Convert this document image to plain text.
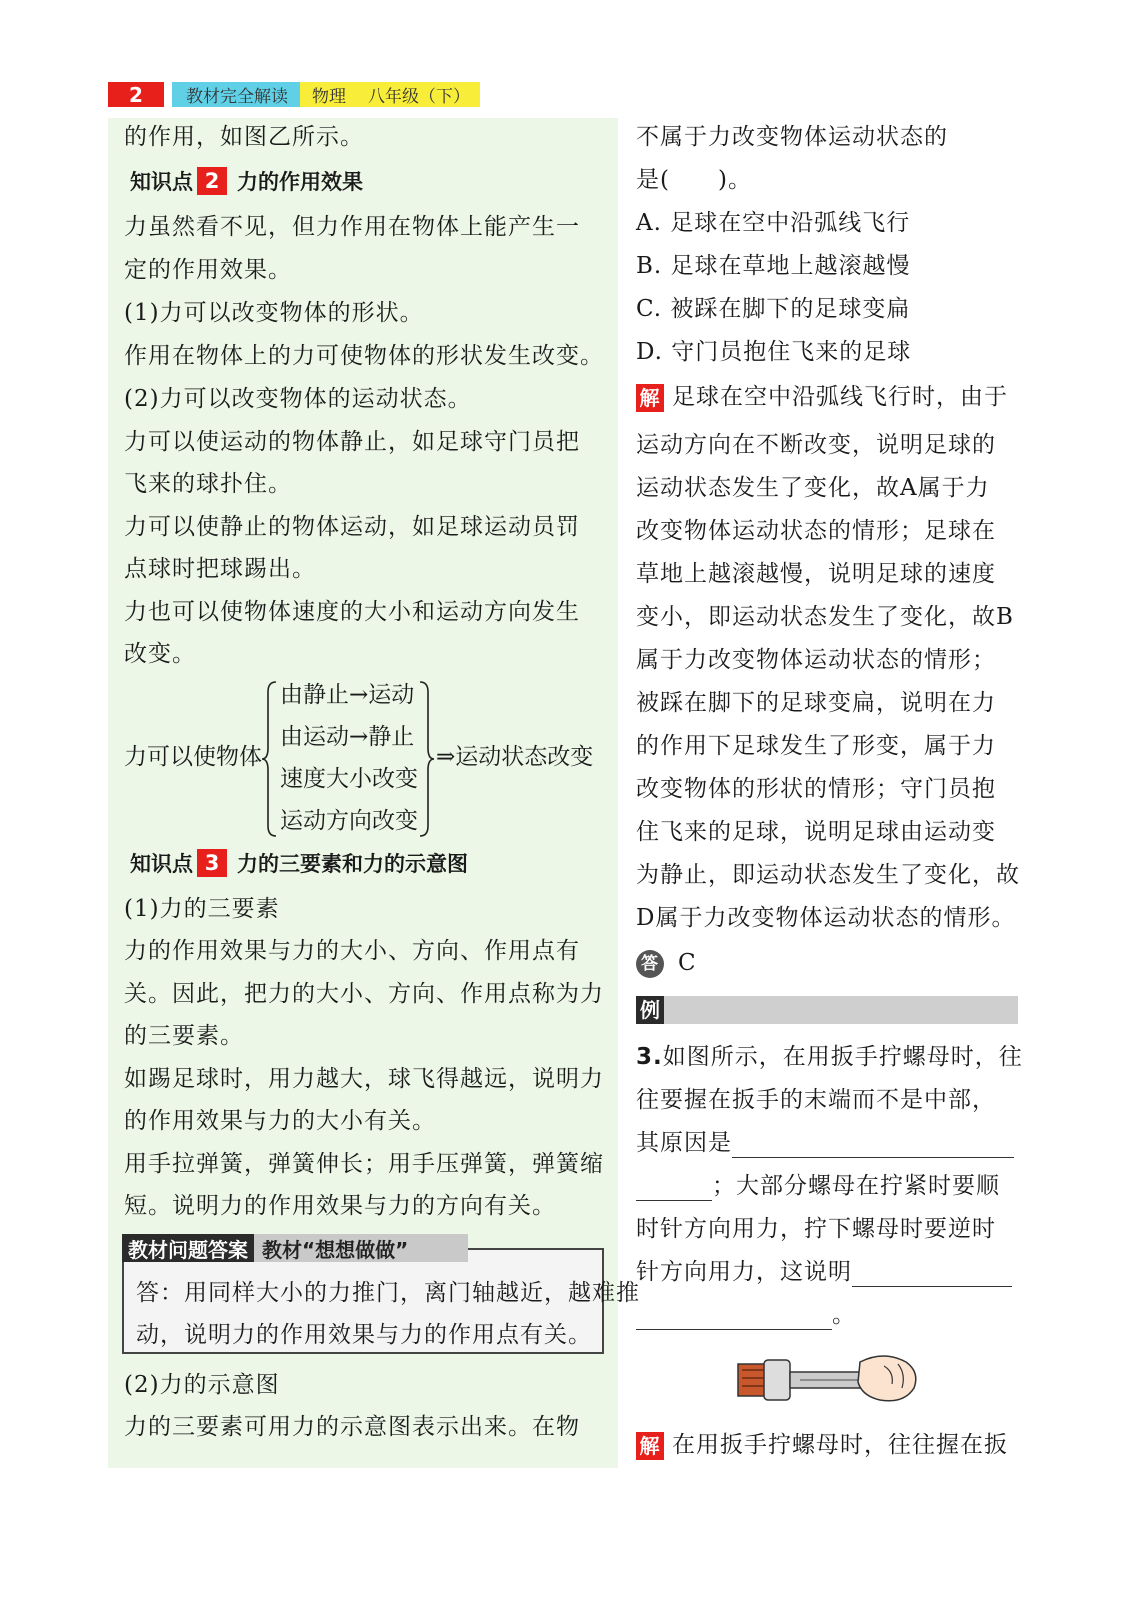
2	教材完全解读	物理 八年级（下）
的作用，如图乙所示。
知识点 2 力的作用效果
力虽然看不见，但力作用在物体上能产生一
定的作用效果。
(1)力可以改变物体的形状。
作用在物体上的力可使物体的形状发生改变。
(2)力可以改变物体的运动状态。
力可以使运动的物体静止，如足球守门员把
飞来的球扑住。
力可以使静止的物体运动，如足球运动员罚
点球时把球踢出。
力也可以使物体速度的大小和运动方向发生
改变。
力可以使物体
由静止→运动
由运动→静止
速度大小改变
运动方向改变
⇒运动状态改变
知识点 3 力的三要素和力的示意图
(1)力的三要素
力的作用效果与力的大小、方向、作用点有
关。因此，把力的大小、方向、作用点称为力
的三要素。
如踢足球时，用力越大，球飞得越远，说明力
的作用效果与力的大小有关。
用手拉弹簧，弹簧伸长；用手压弹簧，弹簧缩
短。说明力的作用效果与力的方向有关。
教材问题答案 教材“想想做做”
答：用同样大小的力推门，离门轴越近，越难推
动，说明力的作用效果与力的作用点有关。
(2)力的示意图
力的三要素可用力的示意图表示出来。在物
不属于力改变物体运动状态的
是(　　)。
A. 足球在空中沿弧线飞行
B. 足球在草地上越滚越慢
C. 被踩在脚下的足球变扁
D. 守门员抱住飞来的足球
解 足球在空中沿弧线飞行时，由于
运动方向在不断改变，说明足球的
运动状态发生了变化，故A属于力
改变物体运动状态的情形；足球在
草地上越滚越慢，说明足球的速度
变小，即运动状态发生了变化，故B
属于力改变物体运动状态的情形；
被踩在脚下的足球变扁，说明在力
的作用下足球发生了形变，属于力
改变物体的形状的情形；守门员抱
住飞来的足球，说明足球由运动变
为静止，即运动状态发生了变化，故
D属于力改变物体运动状态的情形。
答 C
例
3.如图所示，在用扳手拧螺母时，往
往要握在扳手的末端而不是中部，
其原因是
；大部分螺母在拧紧时要顺
时针方向用力，拧下螺母时要逆时
针方向用力，这说明
。
解 在用扳手拧螺母时，往往握在扳
